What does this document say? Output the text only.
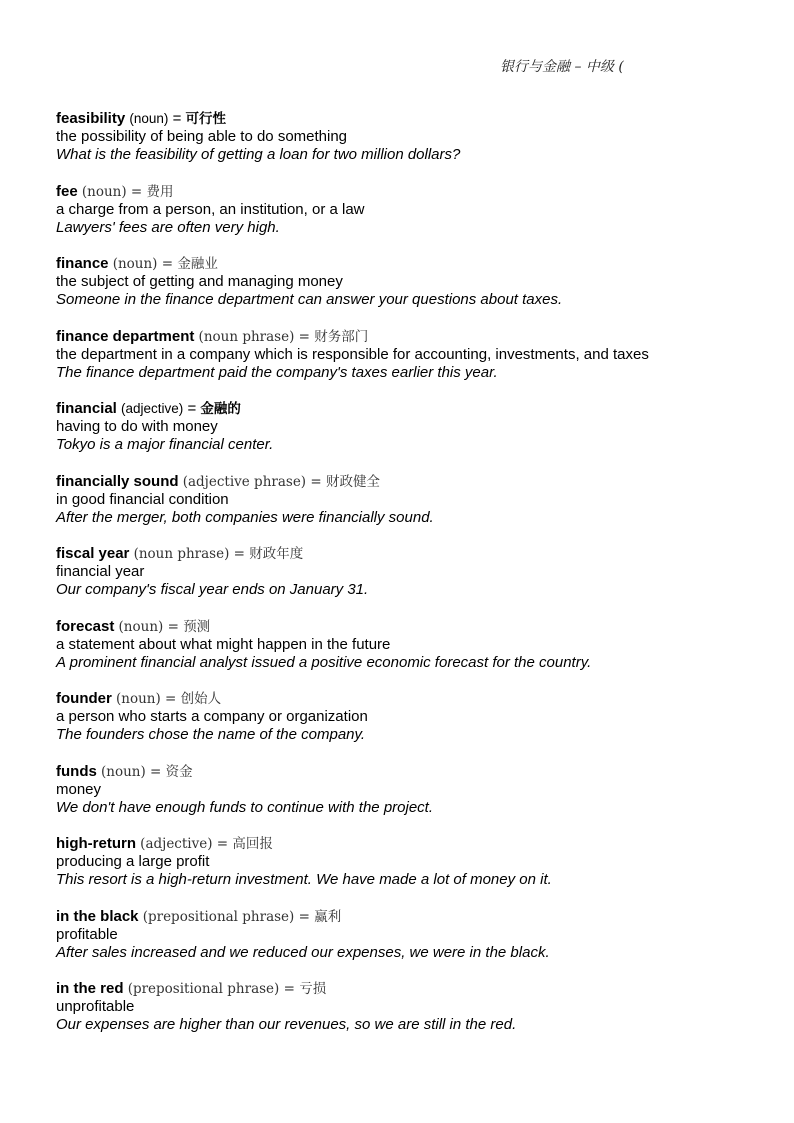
银行与金融 – 中级 (
feasibility (noun) = 可行性
the possibility of being able to do something
What is the feasibility of getting a loan for two million dollars?
fee (noun) = 费用
a charge from a person, an institution, or a law
Lawyers' fees are often very high.
finance (noun) = 金融业
the subject of getting and managing money
Someone in the finance department can answer your questions about taxes.
finance department (noun phrase) = 财务部门
the department in a company which is responsible for accounting, investments, and taxes
The finance department paid the company's taxes earlier this year.
financial (adjective) = 金融的
having to do with money
Tokyo is a major financial center.
financially sound (adjective phrase) = 财政健全
in good financial condition
After the merger, both companies were financially sound.
fiscal year (noun phrase) = 财政年度
financial year
Our company's fiscal year ends on January 31.
forecast (noun) = 预测
a statement about what might happen in the future
A prominent financial analyst issued a positive economic forecast for the country.
founder (noun) = 创始人
a person who starts a company or organization
The founders chose the name of the company.
funds (noun) = 资金
money
We don't have enough funds to continue with the project.
high-return (adjective) = 高回报
producing a large profit
This resort is a high-return investment. We have made a lot of money on it.
in the black (prepositional phrase) = 赢利
profitable
After sales increased and we reduced our expenses, we were in the black.
in the red (prepositional phrase) = 亏损
unprofitable
Our expenses are higher than our revenues, so we are still in the red.
